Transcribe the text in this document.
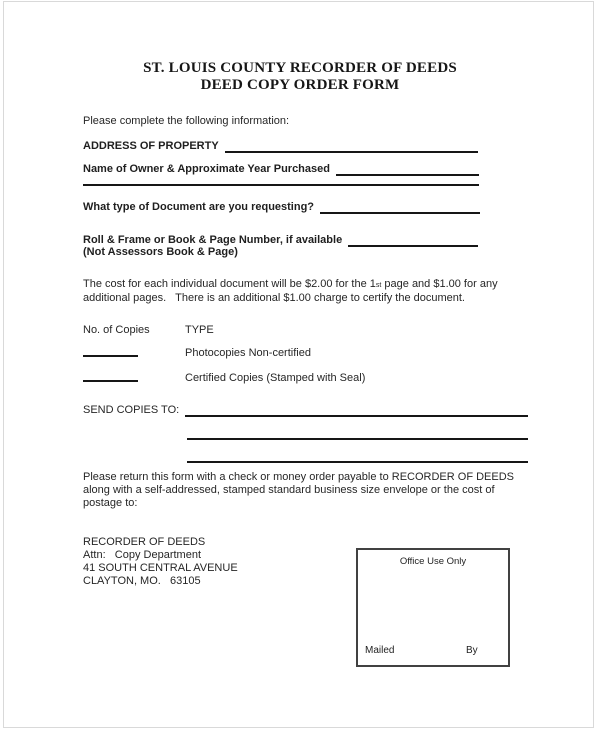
ST. LOUIS COUNTY RECORDER OF DEEDS
DEED COPY ORDER FORM
Please complete the following information:
ADDRESS OF PROPERTY
Name of Owner & Approximate Year Purchased
What type of Document are you requesting?
Roll & Frame or Book & Page Number, if available
(Not Assessors Book & Page)
The cost for each individual document will be $2.00 for the 1st page and $1.00 for any
additional pages.   There is an additional $1.00 charge to certify the document.
No. of Copies	TYPE
Photocopies Non-certified
Certified Copies (Stamped with Seal)
SEND COPIES TO:
Please return this form with a check or money order payable to RECORDER OF DEEDS
along with a self-addressed, stamped standard business size envelope or the cost of
postage to:
RECORDER OF DEEDS
Attn:   Copy Department
41 SOUTH CENTRAL AVENUE
CLAYTON, MO.   63105
Office Use Only
Mailed	By
